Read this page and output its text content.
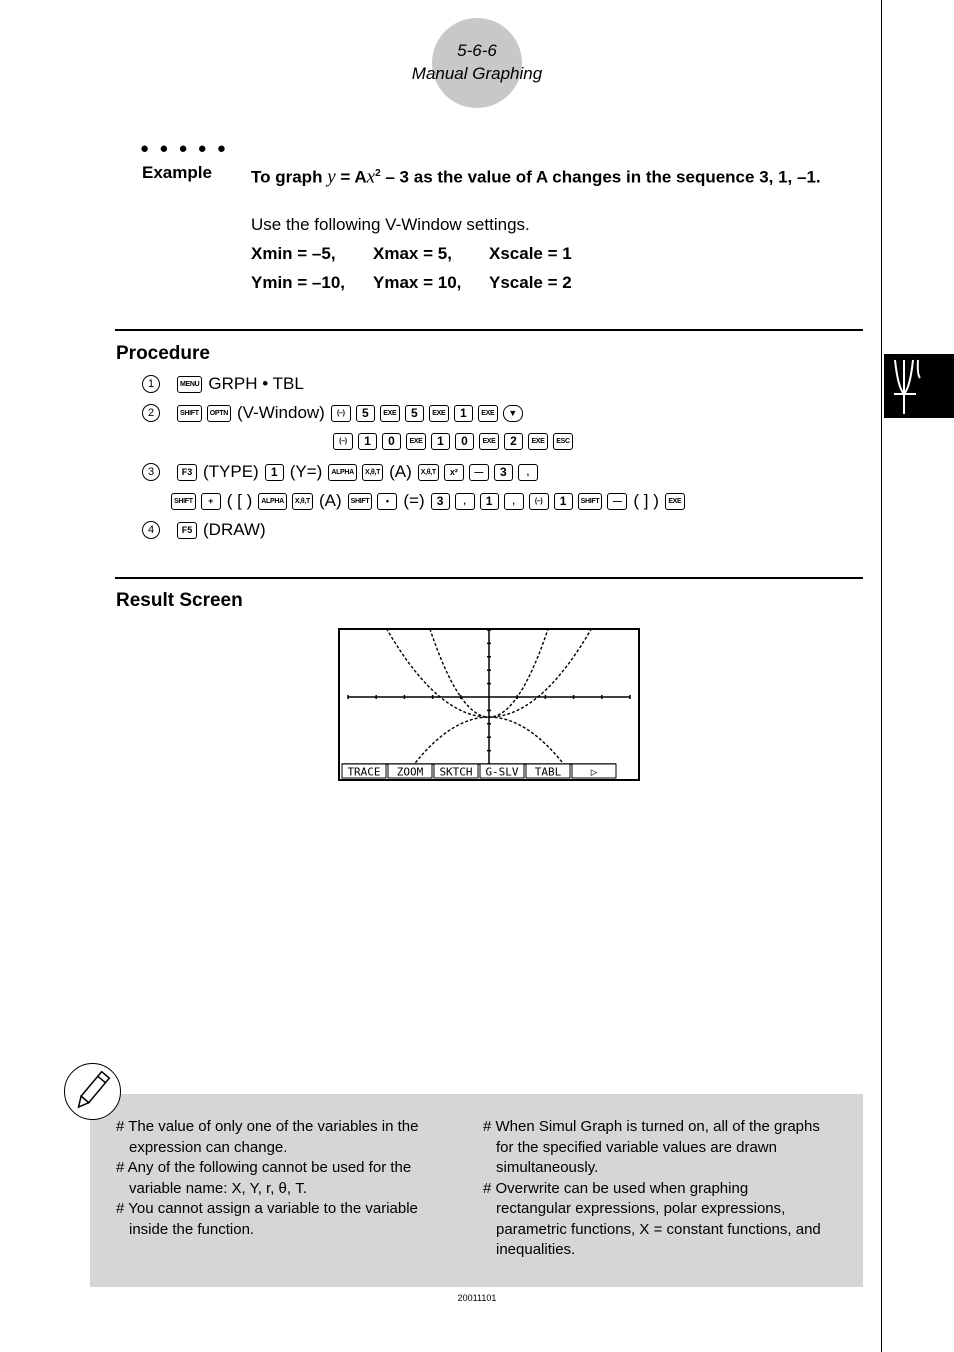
5-6-6
Manual Graphing
● ● ● ● ●
Example To graph $y = Ax^2 - 3$ as the value of A changes in the sequence 3, 1, –1.
Use the following V-Window settings.
Xmin = –5, Xmax = 5, Xscale = 1
Ymin = –10, Ymax = 10, Yscale = 2
Procedure
1	MENU GRPH • TBL
2	SHIFT	OPTN (V-Window)	(–)	5	EXE	5	EXE	1	EXE	▼
(–)	1	0	EXE	1	0	EXE	2	EXE	ESC
3	F3 (TYPE)	1 (Y=)	ALPHA	X,θ,T (A)	X,θ,T	x²	—	3	,
SHIFT	+ ( [ )	ALPHA	X,θ,T (A)	SHIFT	• (=)	3	,	1	,	(–)	1	SHIFT	— ( ] )	EXE
4	F5 (DRAW)
Result Screen
TRACE ZOOM SKTCH G-SLV TABL	▷
# The value of only one of the variables in the expression can change.
# Any of the following cannot be used for the variable name: X, Y, r, θ, T.
# You cannot assign a variable to the variable inside the function.
# When Simul Graph is turned on, all of the graphs for the specified variable values are drawn simultaneously.
# Overwrite can be used when graphing rectangular expressions, polar expressions, parametric functions, X = constant functions, and inequalities.
20011101
